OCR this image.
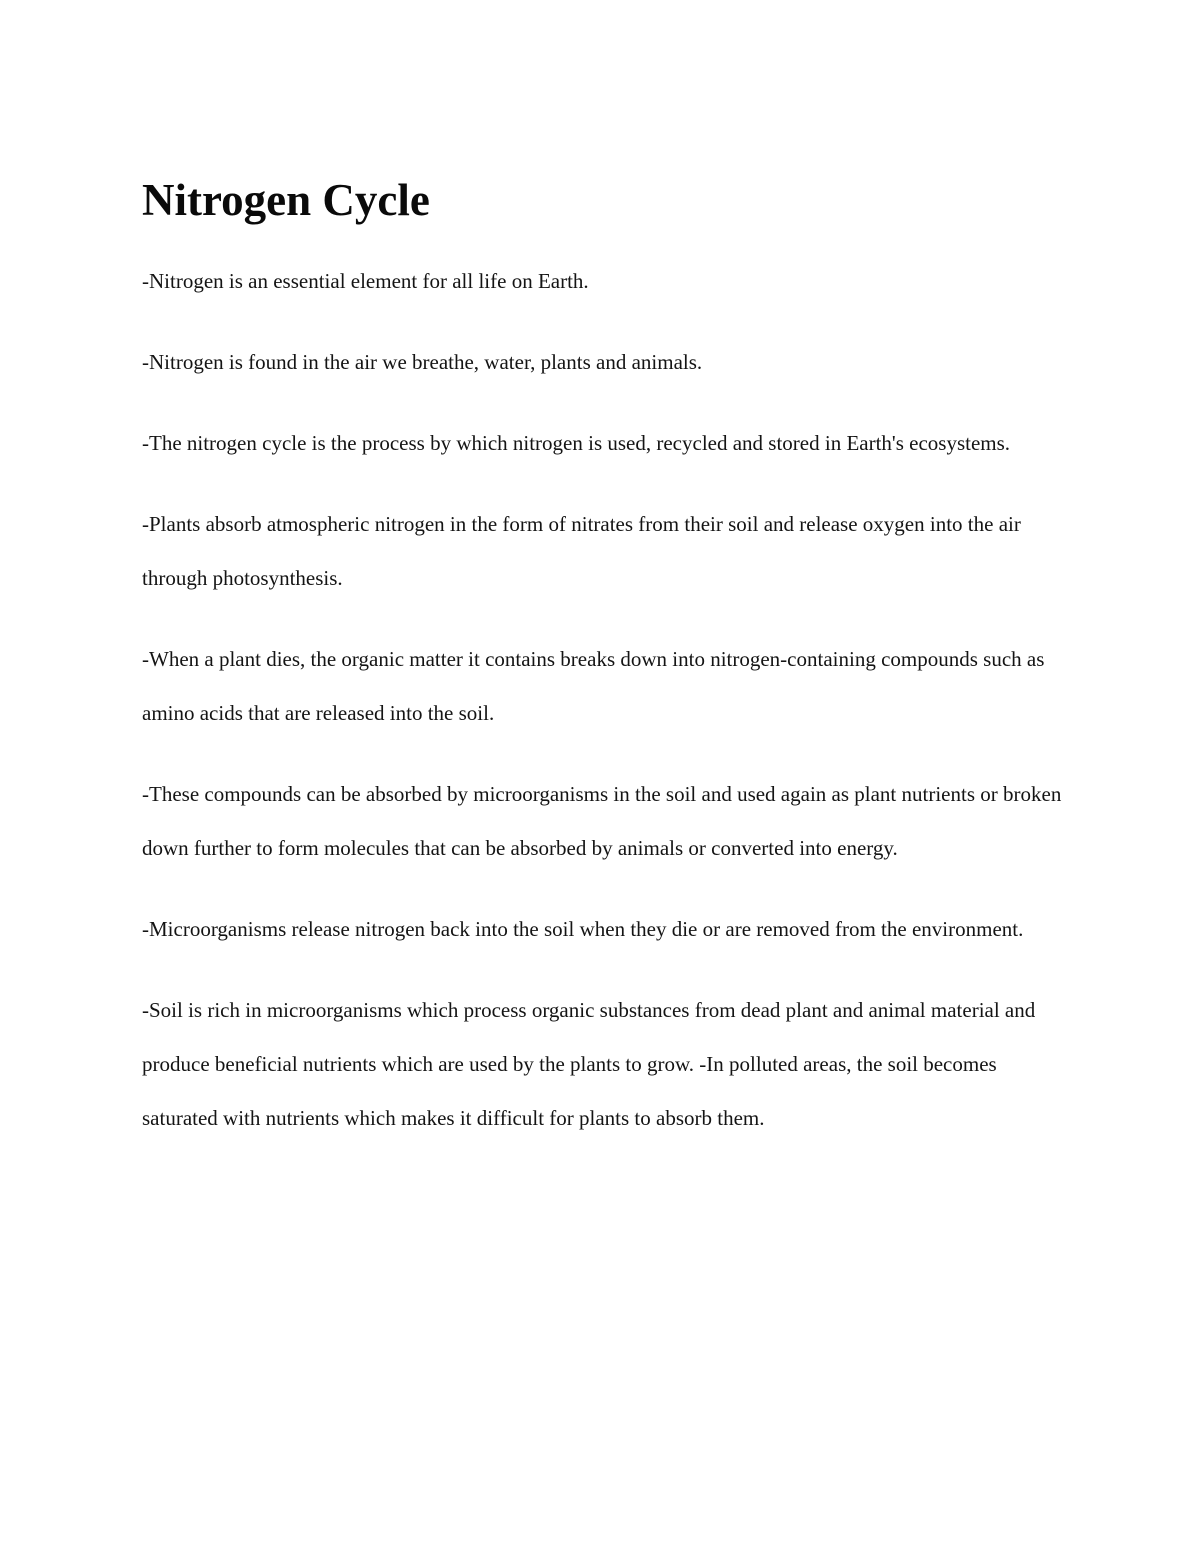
Nitrogen Cycle

-Nitrogen is an essential element for all life on Earth.

-Nitrogen is found in the air we breathe, water, plants and animals.

-The nitrogen cycle is the process by which nitrogen is used, recycled and stored in Earth's ecosystems.

-Plants absorb atmospheric nitrogen in the form of nitrates from their soil and release oxygen into the air through photosynthesis.

-When a plant dies, the organic matter it contains breaks down into nitrogen-containing compounds such as amino acids that are released into the soil.

-These compounds can be absorbed by microorganisms in the soil and used again as plant nutrients or broken down further to form molecules that can be absorbed by animals or converted into energy.

-Microorganisms release nitrogen back into the soil when they die or are removed from the environment.

-Soil is rich in microorganisms which process organic substances from dead plant and animal material and produce beneficial nutrients which are used by the plants to grow. -In polluted areas, the soil becomes saturated with nutrients which makes it difficult for plants to absorb them.
